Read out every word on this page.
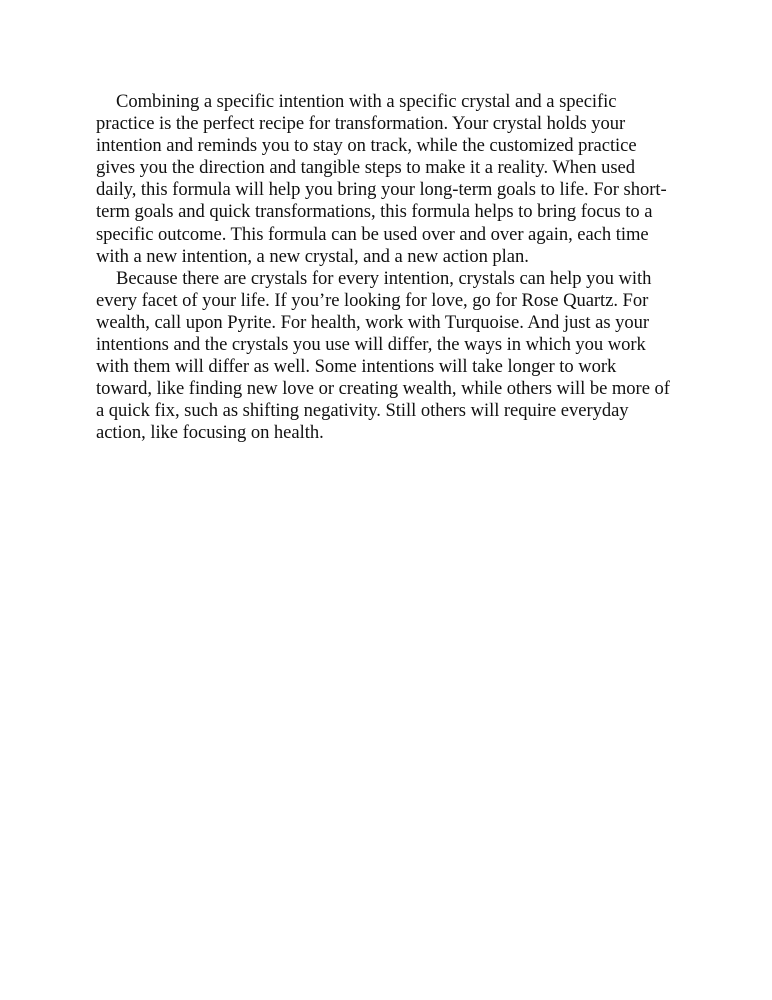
Combining a specific intention with a specific crystal and a specific practice is the perfect recipe for transformation. Your crystal holds your intention and reminds you to stay on track, while the customized practice gives you the direction and tangible steps to make it a reality. When used daily, this formula will help you bring your long-term goals to life. For short-term goals and quick transformations, this formula helps to bring focus to a specific outcome. This formula can be used over and over again, each time with a new intention, a new crystal, and a new action plan.

Because there are crystals for every intention, crystals can help you with every facet of your life. If you’re looking for love, go for Rose Quartz. For wealth, call upon Pyrite. For health, work with Turquoise. And just as your intentions and the crystals you use will differ, the ways in which you work with them will differ as well. Some intentions will take longer to work toward, like finding new love or creating wealth, while others will be more of a quick fix, such as shifting negativity. Still others will require everyday action, like focusing on health.
